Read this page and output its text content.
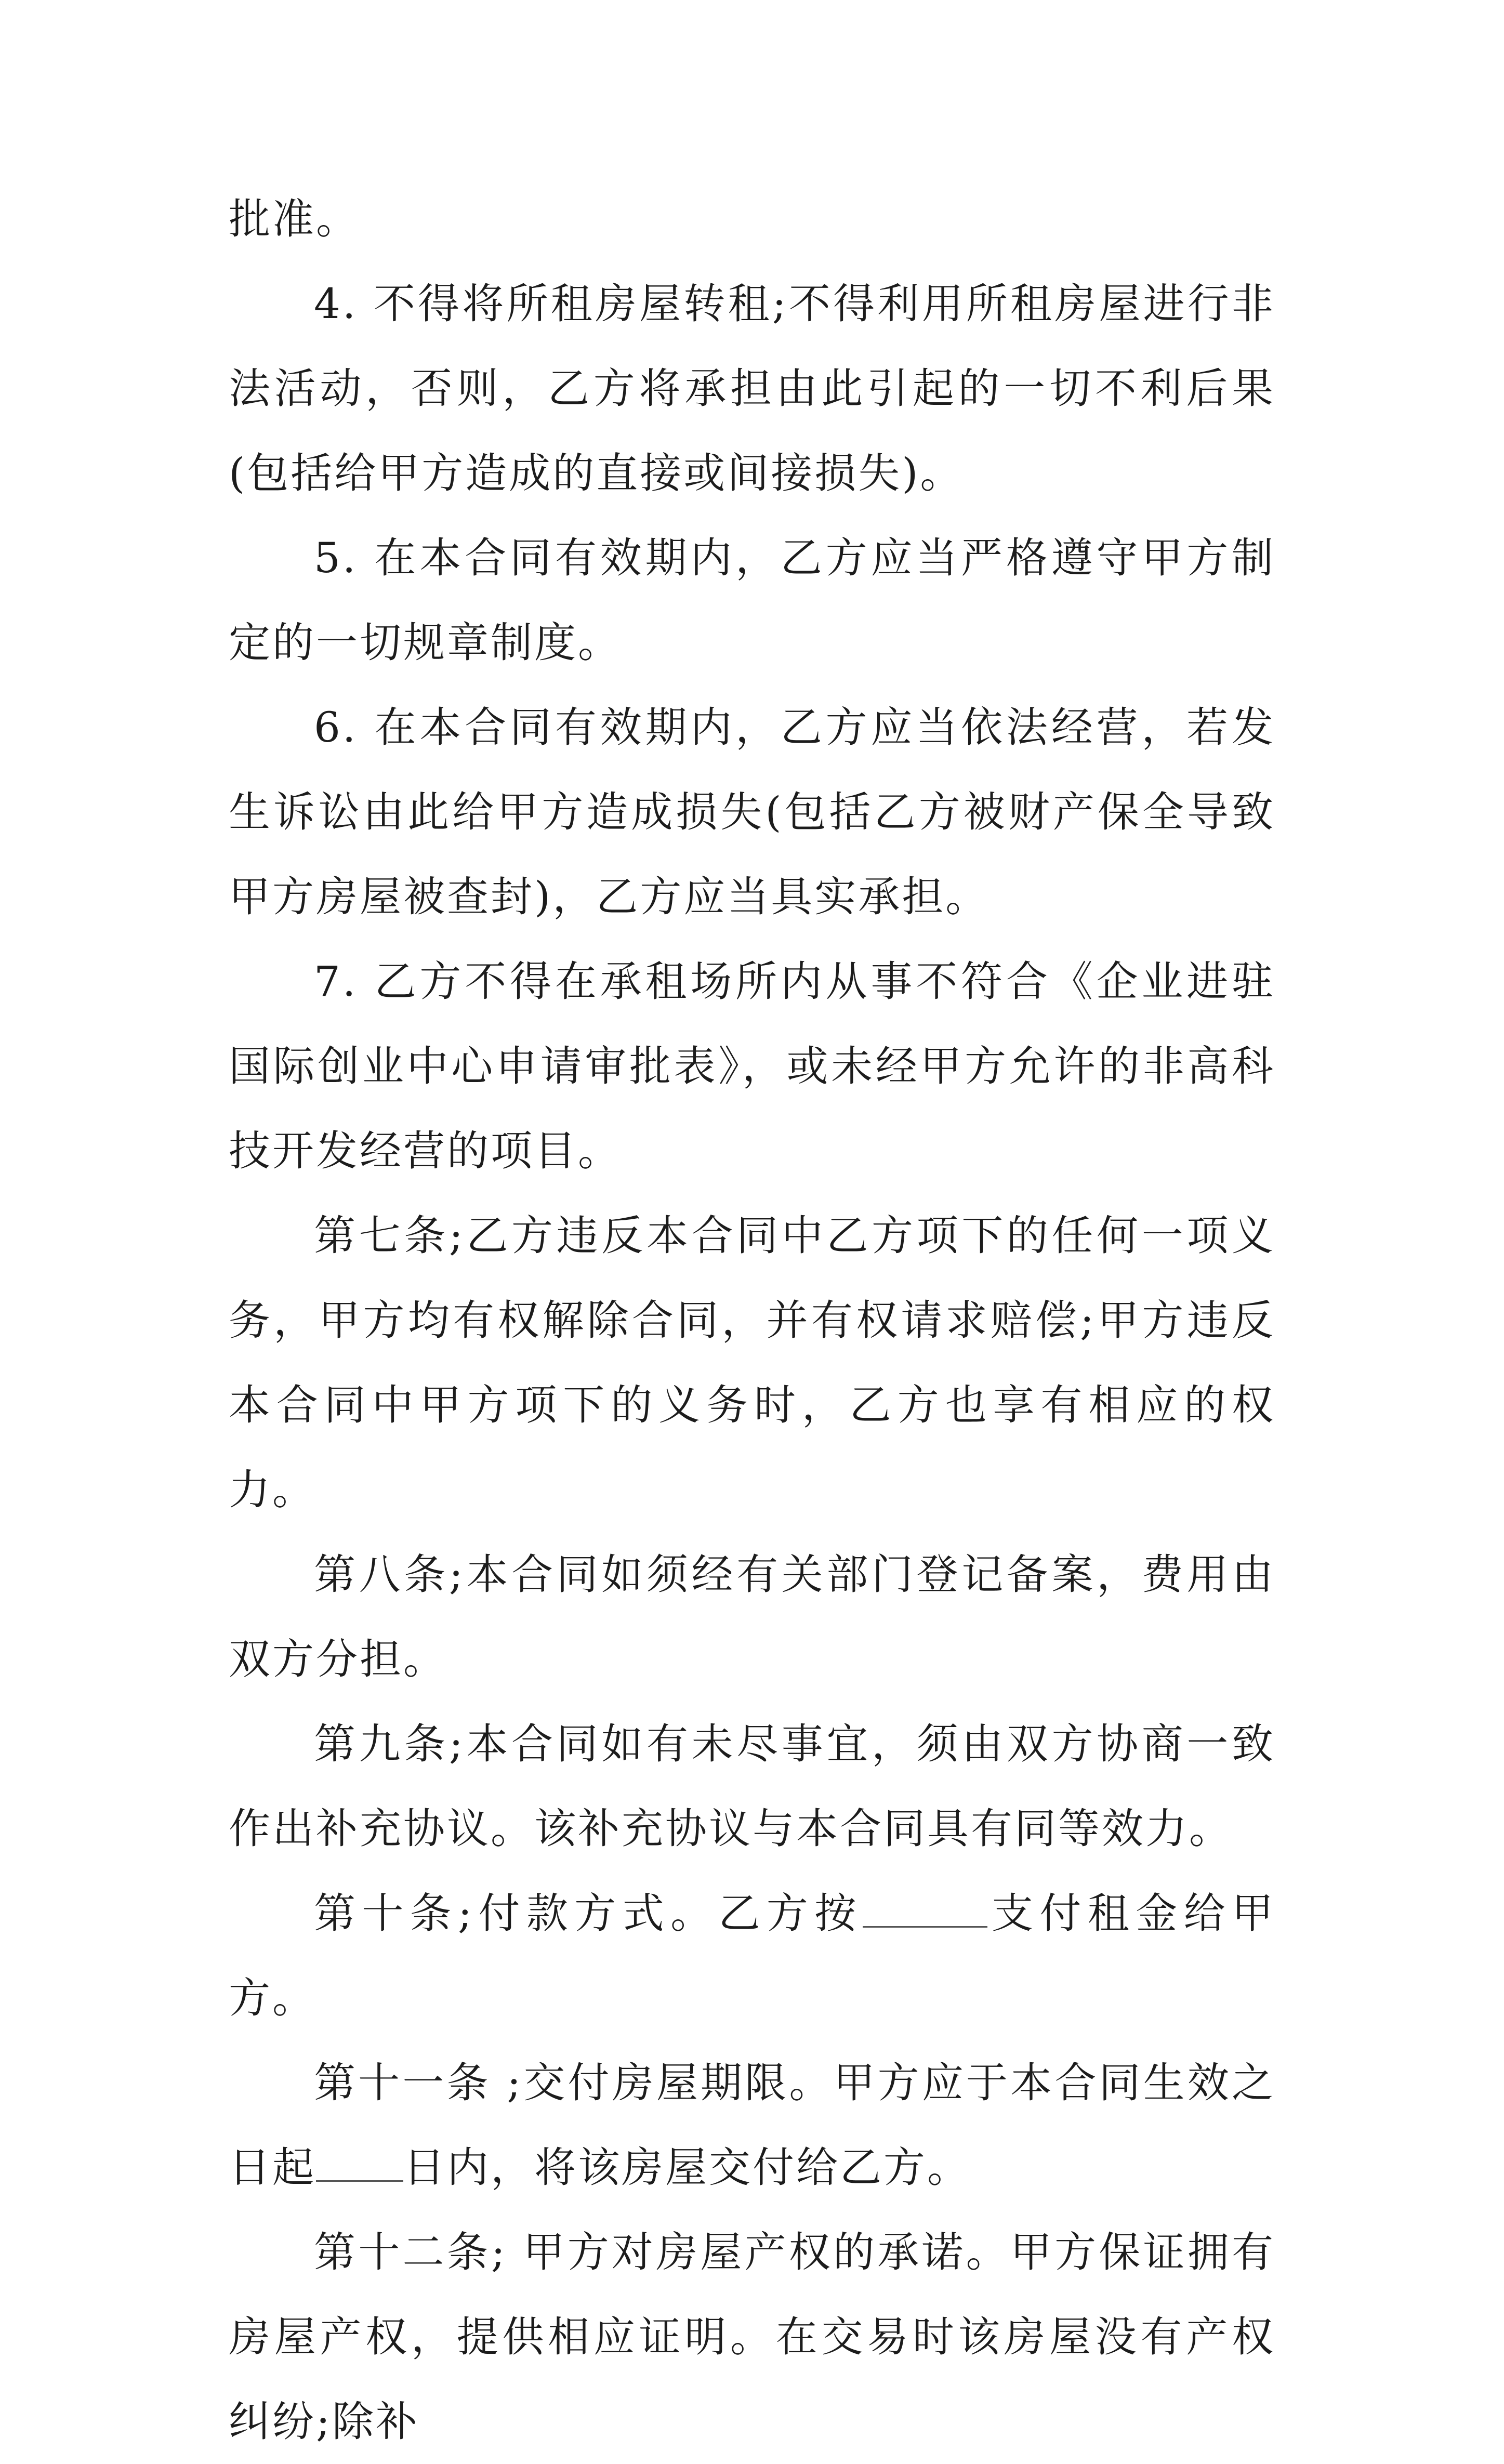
批准。

4. 不得将所租房屋转租;不得利用所租房屋进行非法活动，否则，乙方将承担由此引起的一切不利后果(包括给甲方造成的直接或间接损失)。

5. 在本合同有效期内，乙方应当严格遵守甲方制定的一切规章制度。

6. 在本合同有效期内，乙方应当依法经营，若发生诉讼由此给甲方造成损失(包括乙方被财产保全导致甲方房屋被查封)，乙方应当具实承担。

7. 乙方不得在承租场所内从事不符合《企业进驻国际创业中心申请审批表》，或未经甲方允许的非高科技开发经营的项目。

第七条;乙方违反本合同中乙方项下的任何一项义务，甲方均有权解除合同，并有权请求赔偿;甲方违反本合同中甲方项下的义务时，乙方也享有相应的权力。

第八条;本合同如须经有关部门登记备案，费用由双方分担。

第九条;本合同如有未尽事宜，须由双方协商一致作出补充协议。该补充协议与本合同具有同等效力。

第十条;付款方式。乙方按	支付租金给甲方。

第十一条 ;交付房屋期限。甲方应于本合同生效之日起 日内，将该房屋交付给乙方。

第十二条; 甲方对房屋产权的承诺。甲方保证拥有房屋产权，提供相应证明。在交易时该房屋没有产权纠纷;除补
